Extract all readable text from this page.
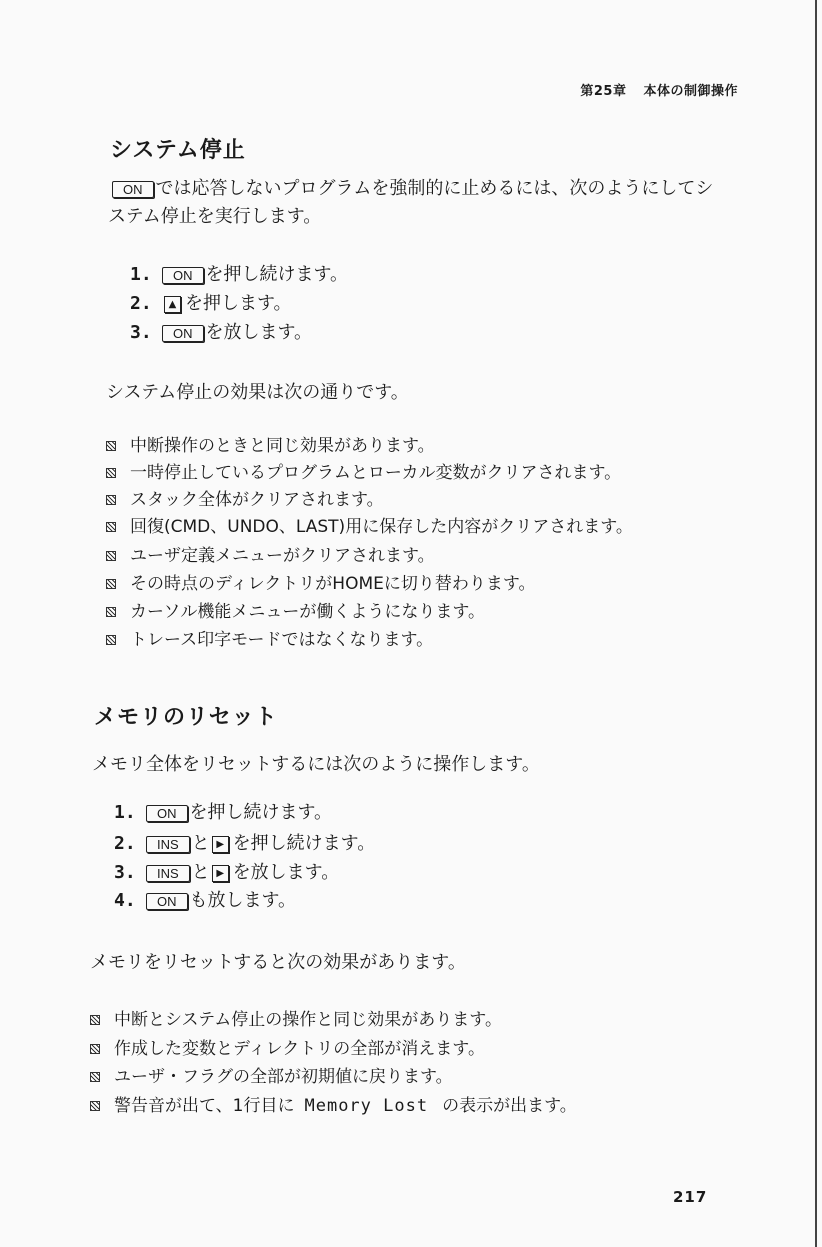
第25章 本体の制御操作
システム停止
ON では応答しないプログラムを強制的に止めるには、次のようにしてシ
ステム停止を実行します。
1.	ON を押し続けます。
2.	▲ を押します。
3.	ON を放します。
システム停止の効果は次の通りです。
中断操作のときと同じ効果があります。
一時停止しているプログラムとローカル変数がクリアされます。
スタック全体がクリアされます。
回復(CMD、UNDO、LAST)用に保存した内容がクリアされます。
ユーザ定義メニューがクリアされます。
その時点のディレクトリがHOMEに切り替わります。
カーソル機能メニューが働くようになります。
トレース印字モードではなくなります。
メモリのリセット
メモリ全体をリセットするには次のように操作します。
1.	ON を押し続けます。
2.	INS と ▶ を押し続けます。
3.	INS と ▶ を放します。
4.	ON も放します。
メモリをリセットすると次の効果があります。
中断とシステム停止の操作と同じ効果があります。
作成した変数とディレクトリの全部が消えます。
ユーザ・フラグの全部が初期値に戻ります。
警告音が出て、1行目に Memory Lost の表示が出ます。
217
